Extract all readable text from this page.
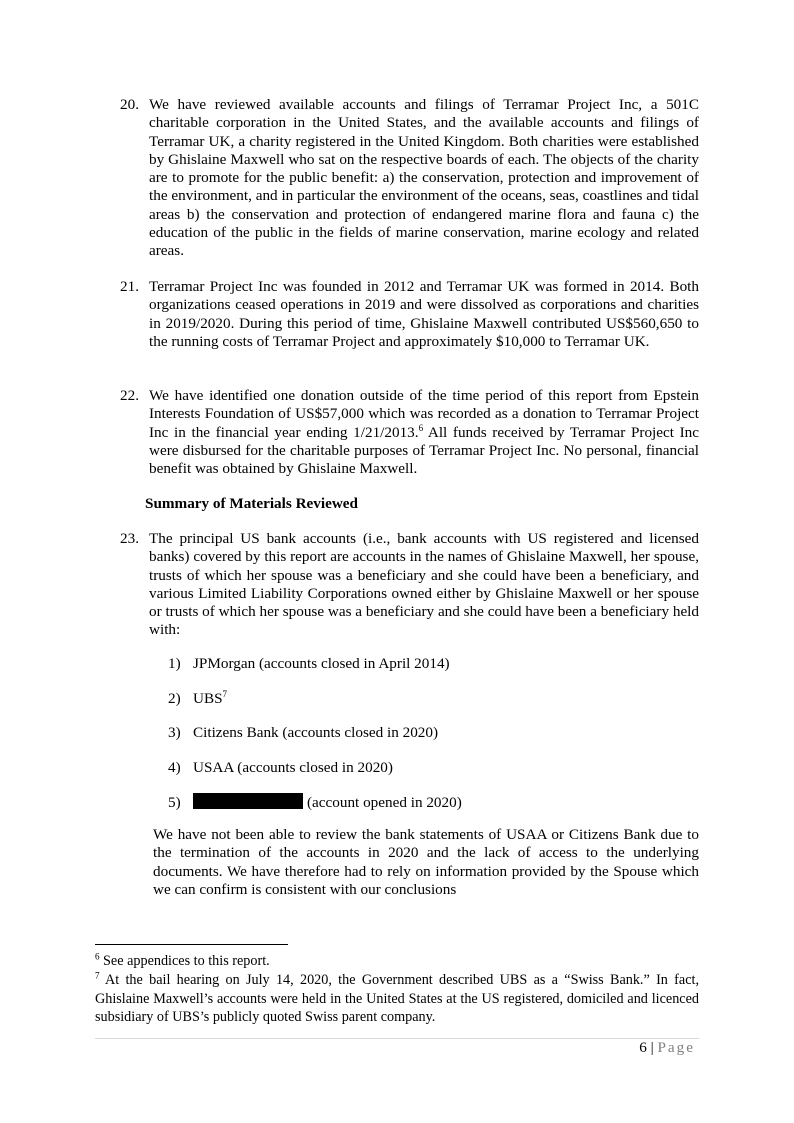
20. We have reviewed available accounts and filings of Terramar Project Inc, a 501C charitable corporation in the United States, and the available accounts and filings of Terramar UK, a charity registered in the United Kingdom. Both charities were established by Ghislaine Maxwell who sat on the respective boards of each. The objects of the charity are to promote for the public benefit: a) the conservation, protection and improvement of the environment, and in particular the environment of the oceans, seas, coastlines and tidal areas b) the conservation and protection of endangered marine flora and fauna c) the education of the public in the fields of marine conservation, marine ecology and related areas.
21. Terramar Project Inc was founded in 2012 and Terramar UK was formed in 2014. Both organizations ceased operations in 2019 and were dissolved as corporations and charities in 2019/2020. During this period of time, Ghislaine Maxwell contributed US$560,650 to the running costs of Terramar Project and approximately $10,000 to Terramar UK.
22. We have identified one donation outside of the time period of this report from Epstein Interests Foundation of US$57,000 which was recorded as a donation to Terramar Project Inc in the financial year ending 1/21/2013.$^6$ All funds received by Terramar Project Inc were disbursed for the charitable purposes of Terramar Project Inc. No personal, financial benefit was obtained by Ghislaine Maxwell.
Summary of Materials Reviewed
23. The principal US bank accounts (i.e., bank accounts with US registered and licensed banks) covered by this report are accounts in the names of Ghislaine Maxwell, her spouse, trusts of which her spouse was a beneficiary and she could have been a beneficiary, and various Limited Liability Corporations owned either by Ghislaine Maxwell or her spouse or trusts of which her spouse was a beneficiary and she could have been a beneficiary held with:
1) JPMorgan (accounts closed in April 2014)
2) UBS$^7$
3) Citizens Bank (accounts closed in 2020)
4) USAA (accounts closed in 2020)
5)	(account opened in 2020)
We have not been able to review the bank statements of USAA or Citizens Bank due to the termination of the accounts in 2020 and the lack of access to the underlying documents. We have therefore had to rely on information provided by the Spouse which we can confirm is consistent with our conclusions
$^6$ See appendices to this report.
$^7$ At the bail hearing on July 14, 2020, the Government described UBS as a “Swiss Bank.” In fact, Ghislaine Maxwell’s accounts were held in the United States at the US registered, domiciled and licenced subsidiary of UBS’s publicly quoted Swiss parent company.
6 | Page
